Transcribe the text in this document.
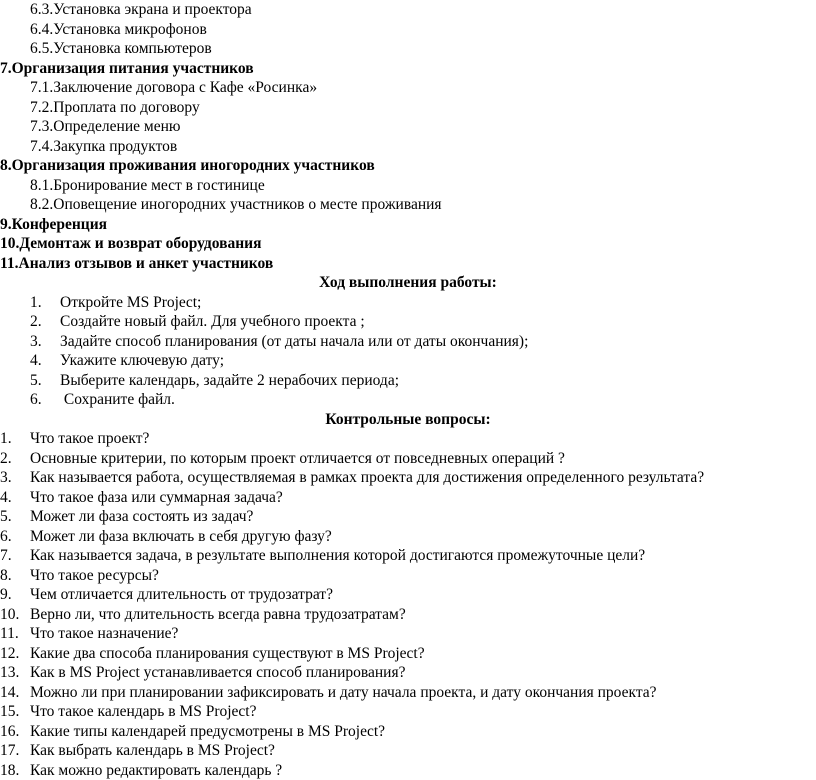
6.3.Установка экрана и проектора
6.4.Установка микрофонов
6.5.Установка компьютеров
7.Организация питания участников
7.1.Заключение договора с Кафе «Росинка»
7.2.Проплата по договору
7.3.Определение меню
7.4.Закупка продуктов
8.Организация проживания иногородних участников
8.1.Бронирование мест в гостинице
8.2.Оповещение иногородних участников о месте проживания
9.Конференция
10.Демонтаж и возврат оборудования
11.Анализ отзывов и анкет участников
Ход выполнения работы:
1. Откройте MS Project;
2. Создайте новый файл. Для учебного проекта ;
3. Задайте способ планирования (от даты начала или от даты окончания);
4. Укажите ключевую дату;
5. Выберите календарь, задайте 2 нерабочих периода;
6. Сохраните файл.
Контрольные вопросы:
1. Что такое проект?
2. Основные критерии, по которым проект отличается от повседневных операций ?
3. Как называется работа, осуществляемая в рамках проекта для достижения определенного результата?
4. Что такое фаза или суммарная задача?
5. Может ли фаза состоять из задач?
6. Может ли фаза включать в себя другую фазу?
7. Как называется задача, в результате выполнения которой достигаются промежуточные цели?
8. Что такое ресурсы?
9. Чем отличается длительность от трудозатрат?
10. Верно ли, что длительность всегда равна трудозатратам?
11. Что такое назначение?
12. Какие два способа планирования существуют в MS Project?
13. Как в MS Project устанавливается способ планирования?
14. Можно ли при планировании зафиксировать и дату начала проекта, и дату окончания проекта?
15. Что такое календарь в MS Project?
16. Какие типы календарей предусмотрены в MS Project?
17. Как выбрать календарь в MS Project?
18. Как можно редактировать календарь ?
